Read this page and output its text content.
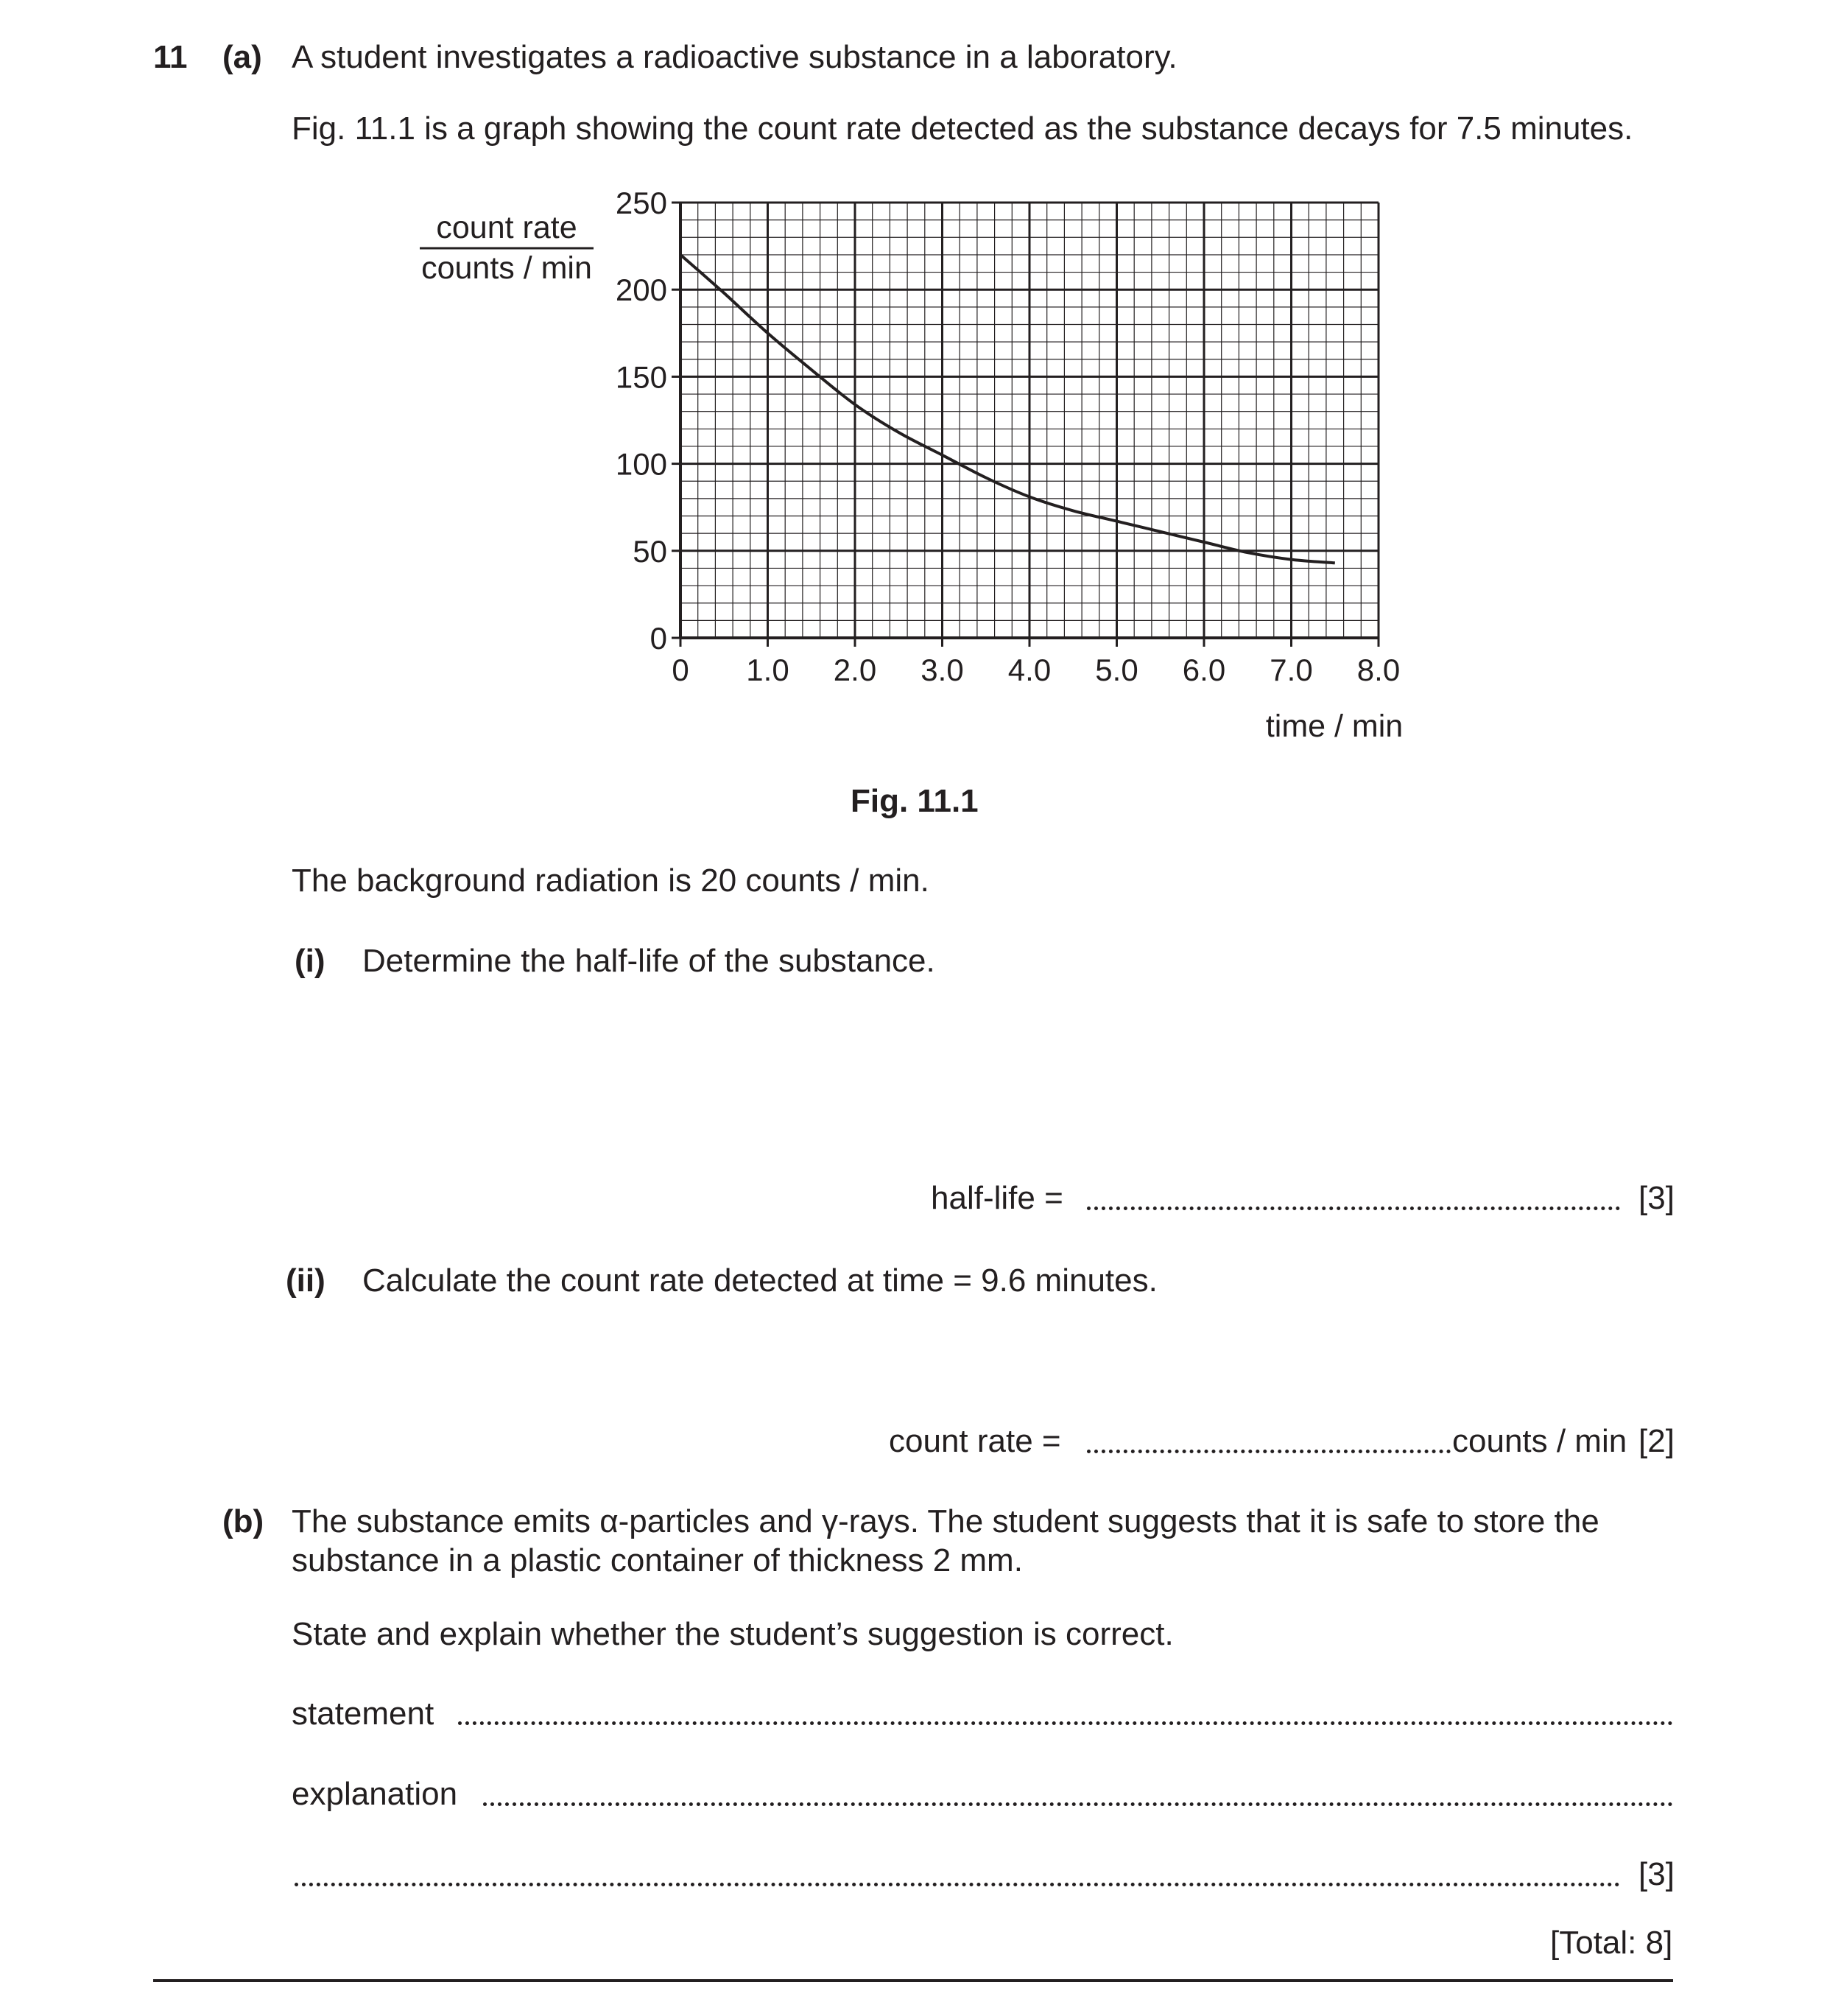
11 (a) A student investigates a radioactive substance in a laboratory.
Fig. 11.1 is a graph showing the count rate detected as the substance decays for 7.5 minutes.
0 1.0 2.0 3.0 4.0 5.0 6.0 7.0 8.0
0
50
100
150
200
250
count rate
counts / min
time / min
Fig. 11.1
The background radiation is 20 counts / min.
(i) Determine the half-life of the substance.
half-life =	[3]
(ii) Calculate the count rate detected at time = 9.6 minutes.
count rate =	counts / min [2]
(b) The substance emits α-particles and γ-rays. The student suggests that it is safe to store the
substance in a plastic container of thickness 2 mm.
State and explain whether the student’s suggestion is correct.
statement
explanation
[3]
[Total: 8]
